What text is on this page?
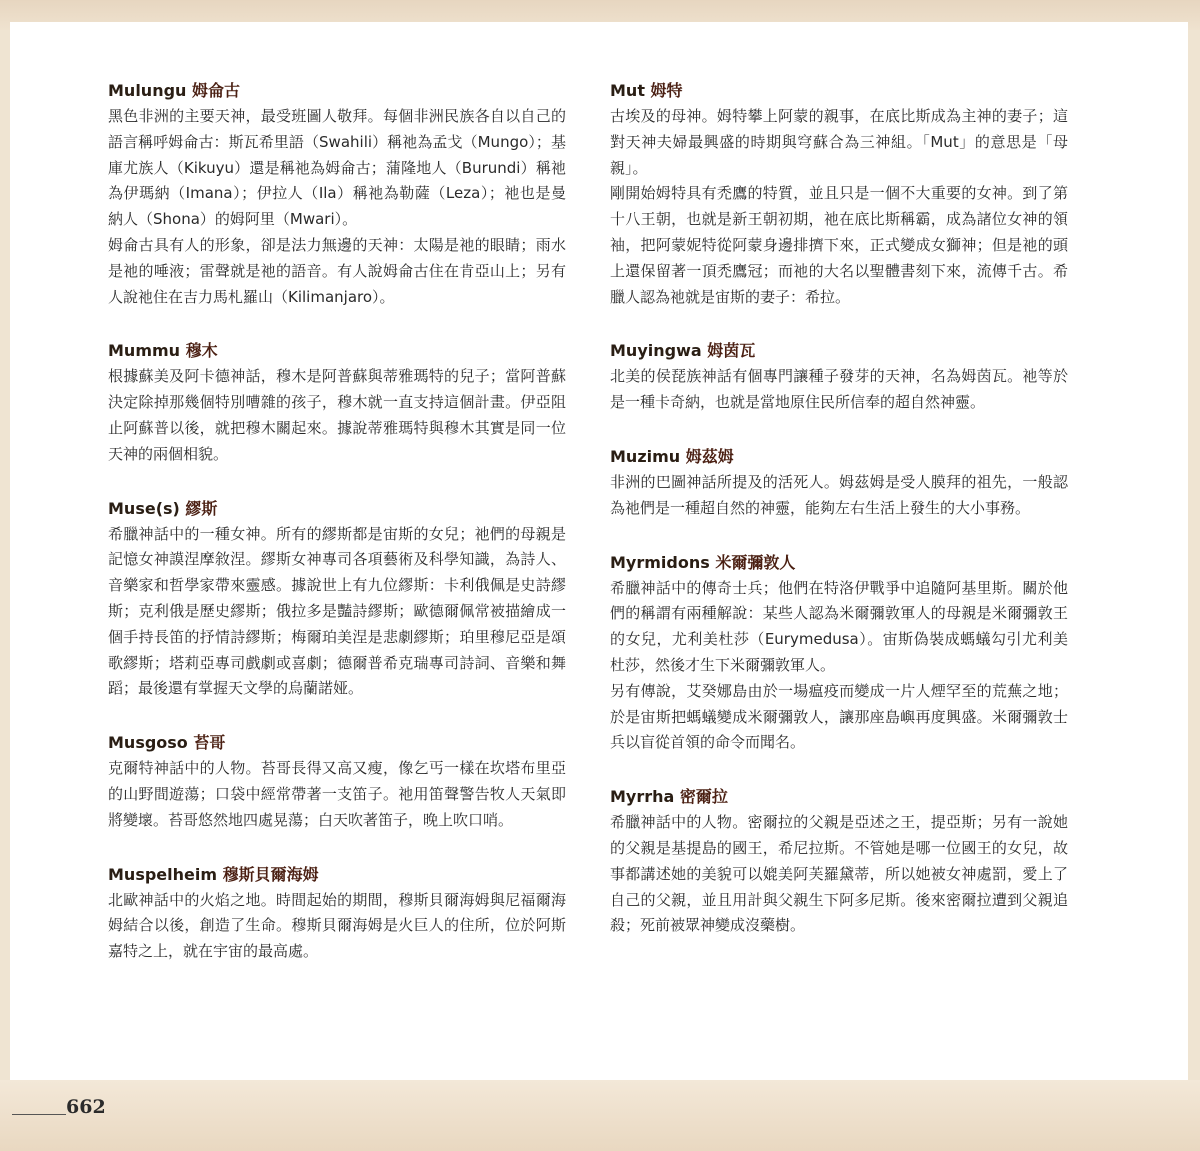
Mulungu 姆侖古

黑色非洲的主要天神，最受班圖人敬拜。每個非洲民族各自以自己的語言稱呼姆侖古：斯瓦希里語（Swahili）稱祂為孟戈（Mungo）；基庫尤族人（Kikuyu）還是稱祂為姆侖古；蒲隆地人（Burundi）稱祂為伊瑪納（Imana）；伊拉人（Ila）稱祂為勒薩（Leza）；祂也是曼納人（Shona）的姆阿里（Mwari）。

姆侖古具有人的形象，卻是法力無邊的天神：太陽是祂的眼睛；雨水是祂的唾液；雷聲就是祂的語音。有人說姆侖古住在肯亞山上；另有人說祂住在吉力馬札羅山（Kilimanjaro）。

Mummu 穆木

根據蘇美及阿卡德神話，穆木是阿普蘇與蒂雅瑪特的兒子；當阿普蘇決定除掉那幾個特別嘈雜的孩子，穆木就一直支持這個計畫。伊亞阻止阿蘇普以後，就把穆木關起來。據說蒂雅瑪特與穆木其實是同一位天神的兩個相貌。

Muse(s) 繆斯

希臘神話中的一種女神。所有的繆斯都是宙斯的女兒；祂們的母親是記憶女神謨涅摩敘涅。繆斯女神專司各項藝術及科學知識，為詩人、音樂家和哲學家帶來靈感。據說世上有九位繆斯：卡利俄佩是史詩繆斯；克利俄是歷史繆斯；俄拉多是豔詩繆斯；歐德爾佩常被描繪成一個手持長笛的抒情詩繆斯；梅爾珀美涅是悲劇繆斯；珀里穆尼亞是頌歌繆斯；塔莉亞專司戲劇或喜劇；德爾普希克瑞專司詩詞、音樂和舞蹈；最後還有掌握天文學的烏蘭諾娅。

Musgoso 苔哥

克爾特神話中的人物。苔哥長得又高又瘦，像乞丐一樣在坎塔布里亞的山野間遊蕩；口袋中經常帶著一支笛子。祂用笛聲警告牧人天氣即將變壞。苔哥悠然地四處晃蕩；白天吹著笛子，晚上吹口哨。

Muspelheim 穆斯貝爾海姆

北歐神話中的火焰之地。時間起始的期間，穆斯貝爾海姆與尼福爾海姆結合以後，創造了生命。穆斯貝爾海姆是火巨人的住所，位於阿斯嘉特之上，就在宇宙的最高處。

Mut 姆特

古埃及的母神。姆特攀上阿蒙的親事，在底比斯成為主神的妻子；這對天神夫婦最興盛的時期與穹蘇合為三神組。「Mut」的意思是「母親」。

剛開始姆特具有禿鷹的特質，並且只是一個不大重要的女神。到了第十八王朝，也就是新王朝初期，祂在底比斯稱霸，成為諸位女神的領袖，把阿蒙妮特從阿蒙身邊排擠下來，正式變成女獅神；但是祂的頭上還保留著一頂禿鷹冠；而祂的大名以聖體書刻下來，流傳千古。希臘人認為祂就是宙斯的妻子：希拉。

Muyingwa 姆茵瓦

北美的侯琵族神話有個專門讓種子發芽的天神，名為姆茵瓦。祂等於是一種卡奇納，也就是當地原住民所信奉的超自然神靈。

Muzimu 姆茲姆

非洲的巴圖神話所提及的活死人。姆茲姆是受人膜拜的祖先，一般認為祂們是一種超自然的神靈，能夠左右生活上發生的大小事務。

Myrmidons 米爾彌敦人

希臘神話中的傳奇士兵；他們在特洛伊戰爭中追隨阿基里斯。關於他們的稱謂有兩種解說：某些人認為米爾彌敦軍人的母親是米爾彌敦王的女兒，尤利美杜莎（Eurymedusa）。宙斯偽裝成螞蟻勾引尤利美杜莎，然後才生下米爾彌敦軍人。

另有傳說，艾癸娜島由於一場瘟疫而變成一片人煙罕至的荒蕪之地；於是宙斯把螞蟻變成米爾彌敦人，讓那座島嶼再度興盛。米爾彌敦士兵以盲從首領的命令而聞名。

Myrrha 密爾拉

希臘神話中的人物。密爾拉的父親是亞述之王，提亞斯；另有一說她的父親是基提島的國王，希尼拉斯。不管她是哪一位國王的女兒，故事都講述她的美貌可以媲美阿芙羅黛蒂，所以她被女神處罰，愛上了自己的父親，並且用計與父親生下阿多尼斯。後來密爾拉遭到父親追殺；死前被眾神變成沒藥樹。

662
